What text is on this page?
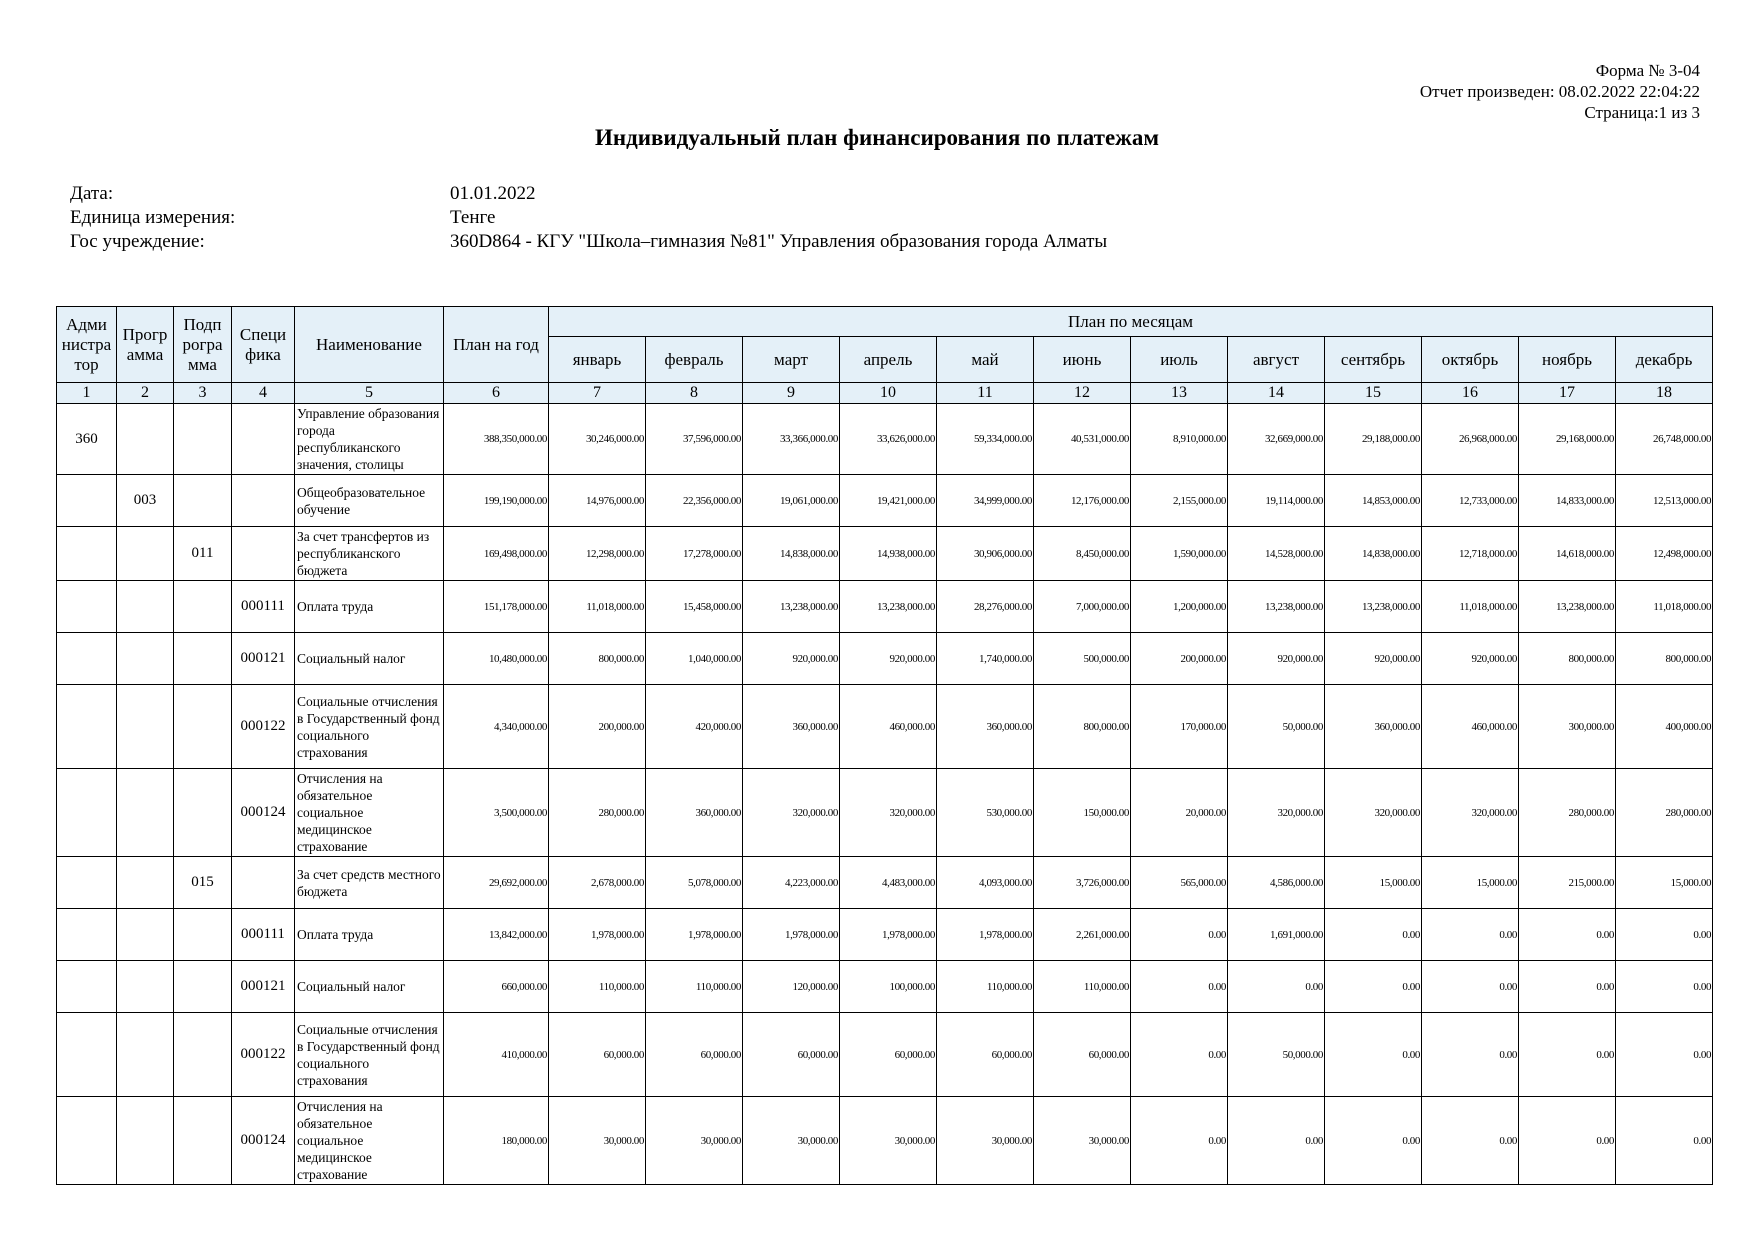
Форма № 3-04
Отчет произведен: 08.02.2022 22:04:22
Страница:1 из 3
Индивидуальный план финансирования по платежам
Дата:	01.01.2022
Единица измерения:	Тенге
Гос учреждение:	360D864 - КГУ "Школа–гимназия №81" Управления образования города Алматы
Адми нистра тор	Прогр амма	Подп рогра мма	Специ фика	Наименование	План на год	План по месяцам											
						январь	февраль	март	апрель	май	июнь	июль	август	сентябрь	октябрь	ноябрь	декабрь
1	2	3	4	5	6	7	8	9	10	11	12	13	14	15	16	17	18
360				Управление образования города республиканского значения, столицы	388,350,000.00	30,246,000.00	37,596,000.00	33,366,000.00	33,626,000.00	59,334,000.00	40,531,000.00	8,910,000.00	32,669,000.00	29,188,000.00	26,968,000.00	29,168,000.00	26,748,000.00
	003			Общеобразовательное обучение	199,190,000.00	14,976,000.00	22,356,000.00	19,061,000.00	19,421,000.00	34,999,000.00	12,176,000.00	2,155,000.00	19,114,000.00	14,853,000.00	12,733,000.00	14,833,000.00	12,513,000.00
		011		За счет трансфертов из республиканского бюджета	169,498,000.00	12,298,000.00	17,278,000.00	14,838,000.00	14,938,000.00	30,906,000.00	8,450,000.00	1,590,000.00	14,528,000.00	14,838,000.00	12,718,000.00	14,618,000.00	12,498,000.00
			000111	Оплата труда	151,178,000.00	11,018,000.00	15,458,000.00	13,238,000.00	13,238,000.00	28,276,000.00	7,000,000.00	1,200,000.00	13,238,000.00	13,238,000.00	11,018,000.00	13,238,000.00	11,018,000.00
			000121	Социальный налог	10,480,000.00	800,000.00	1,040,000.00	920,000.00	920,000.00	1,740,000.00	500,000.00	200,000.00	920,000.00	920,000.00	920,000.00	800,000.00	800,000.00
			000122	Социальные отчисления в Государственный фонд социального страхования	4,340,000.00	200,000.00	420,000.00	360,000.00	460,000.00	360,000.00	800,000.00	170,000.00	50,000.00	360,000.00	460,000.00	300,000.00	400,000.00
			000124	Отчисления на обязательное социальное медицинское страхование	3,500,000.00	280,000.00	360,000.00	320,000.00	320,000.00	530,000.00	150,000.00	20,000.00	320,000.00	320,000.00	320,000.00	280,000.00	280,000.00
		015		За счет средств местного бюджета	29,692,000.00	2,678,000.00	5,078,000.00	4,223,000.00	4,483,000.00	4,093,000.00	3,726,000.00	565,000.00	4,586,000.00	15,000.00	15,000.00	215,000.00	15,000.00
			000111	Оплата труда	13,842,000.00	1,978,000.00	1,978,000.00	1,978,000.00	1,978,000.00	1,978,000.00	2,261,000.00	0.00	1,691,000.00	0.00	0.00	0.00	0.00
			000121	Социальный налог	660,000.00	110,000.00	110,000.00	120,000.00	100,000.00	110,000.00	110,000.00	0.00	0.00	0.00	0.00	0.00	0.00
			000122	Социальные отчисления в Государственный фонд социального страхования	410,000.00	60,000.00	60,000.00	60,000.00	60,000.00	60,000.00	60,000.00	0.00	50,000.00	0.00	0.00	0.00	0.00
			000124	Отчисления на обязательное социальное медицинское страхование	180,000.00	30,000.00	30,000.00	30,000.00	30,000.00	30,000.00	30,000.00	0.00	0.00	0.00	0.00	0.00	0.00
